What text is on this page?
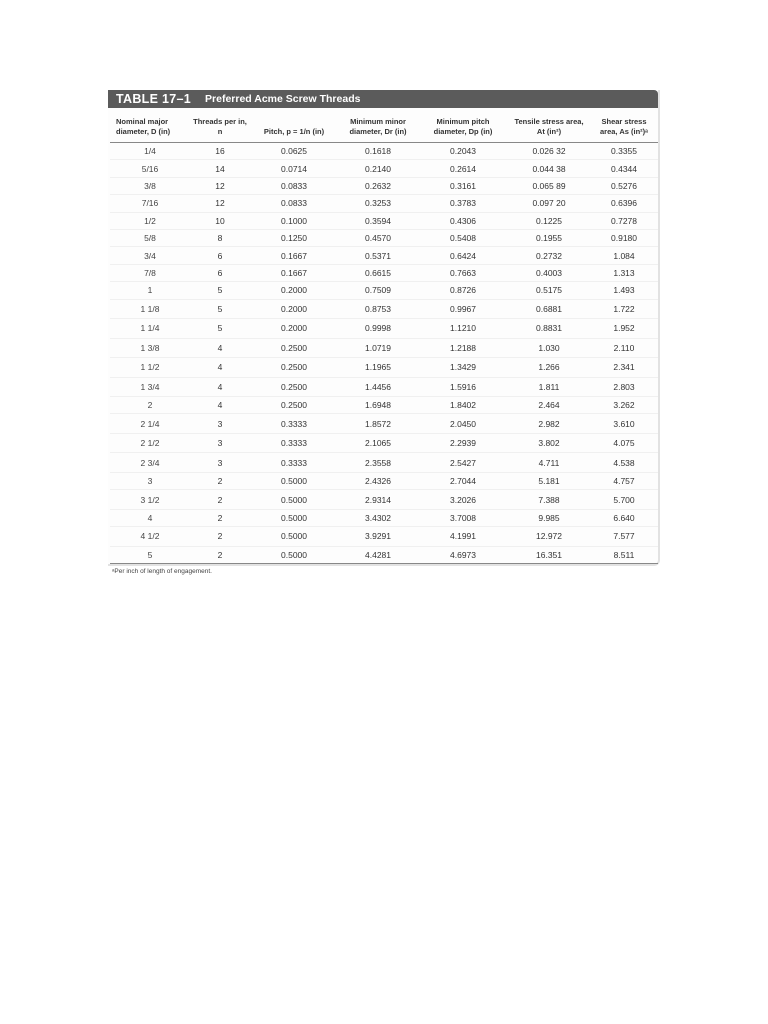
TABLE 17–1 Preferred Acme Screw Threads
Nominal major diameter, D (in)	Threads per in, n	Pitch, p = 1/n (in)	Minimum minor diameter, Dr (in)	Minimum pitch diameter, Dp (in)	Tensile stress area, At (in²)	Shear stress area, As (in²)ᵃ
1/4	16	0.0625	0.1618	0.2043	0.026 32	0.3355
5/16	14	0.0714	0.2140	0.2614	0.044 38	0.4344
3/8	12	0.0833	0.2632	0.3161	0.065 89	0.5276
7/16	12	0.0833	0.3253	0.3783	0.097 20	0.6396
1/2	10	0.1000	0.3594	0.4306	0.1225	0.7278
5/8	8	0.1250	0.4570	0.5408	0.1955	0.9180
3/4	6	0.1667	0.5371	0.6424	0.2732	1.084
7/8	6	0.1667	0.6615	0.7663	0.4003	1.313
1	5	0.2000	0.7509	0.8726	0.5175	1.493
1 1/8	5	0.2000	0.8753	0.9967	0.6881	1.722
1 1/4	5	0.2000	0.9998	1.1210	0.8831	1.952
1 3/8	4	0.2500	1.0719	1.2188	1.030	2.110
1 1/2	4	0.2500	1.1965	1.3429	1.266	2.341
1 3/4	4	0.2500	1.4456	1.5916	1.811	2.803
2	4	0.2500	1.6948	1.8402	2.464	3.262
2 1/4	3	0.3333	1.8572	2.0450	2.982	3.610
2 1/2	3	0.3333	2.1065	2.2939	3.802	4.075
2 3/4	3	0.3333	2.3558	2.5427	4.711	4.538
3	2	0.5000	2.4326	2.7044	5.181	4.757
3 1/2	2	0.5000	2.9314	3.2026	7.388	5.700
4	2	0.5000	3.4302	3.7008	9.985	6.640
4 1/2	2	0.5000	3.9291	4.1991	12.972	7.577
5	2	0.5000	4.4281	4.6973	16.351	8.511
ᵃPer inch of length of engagement.
